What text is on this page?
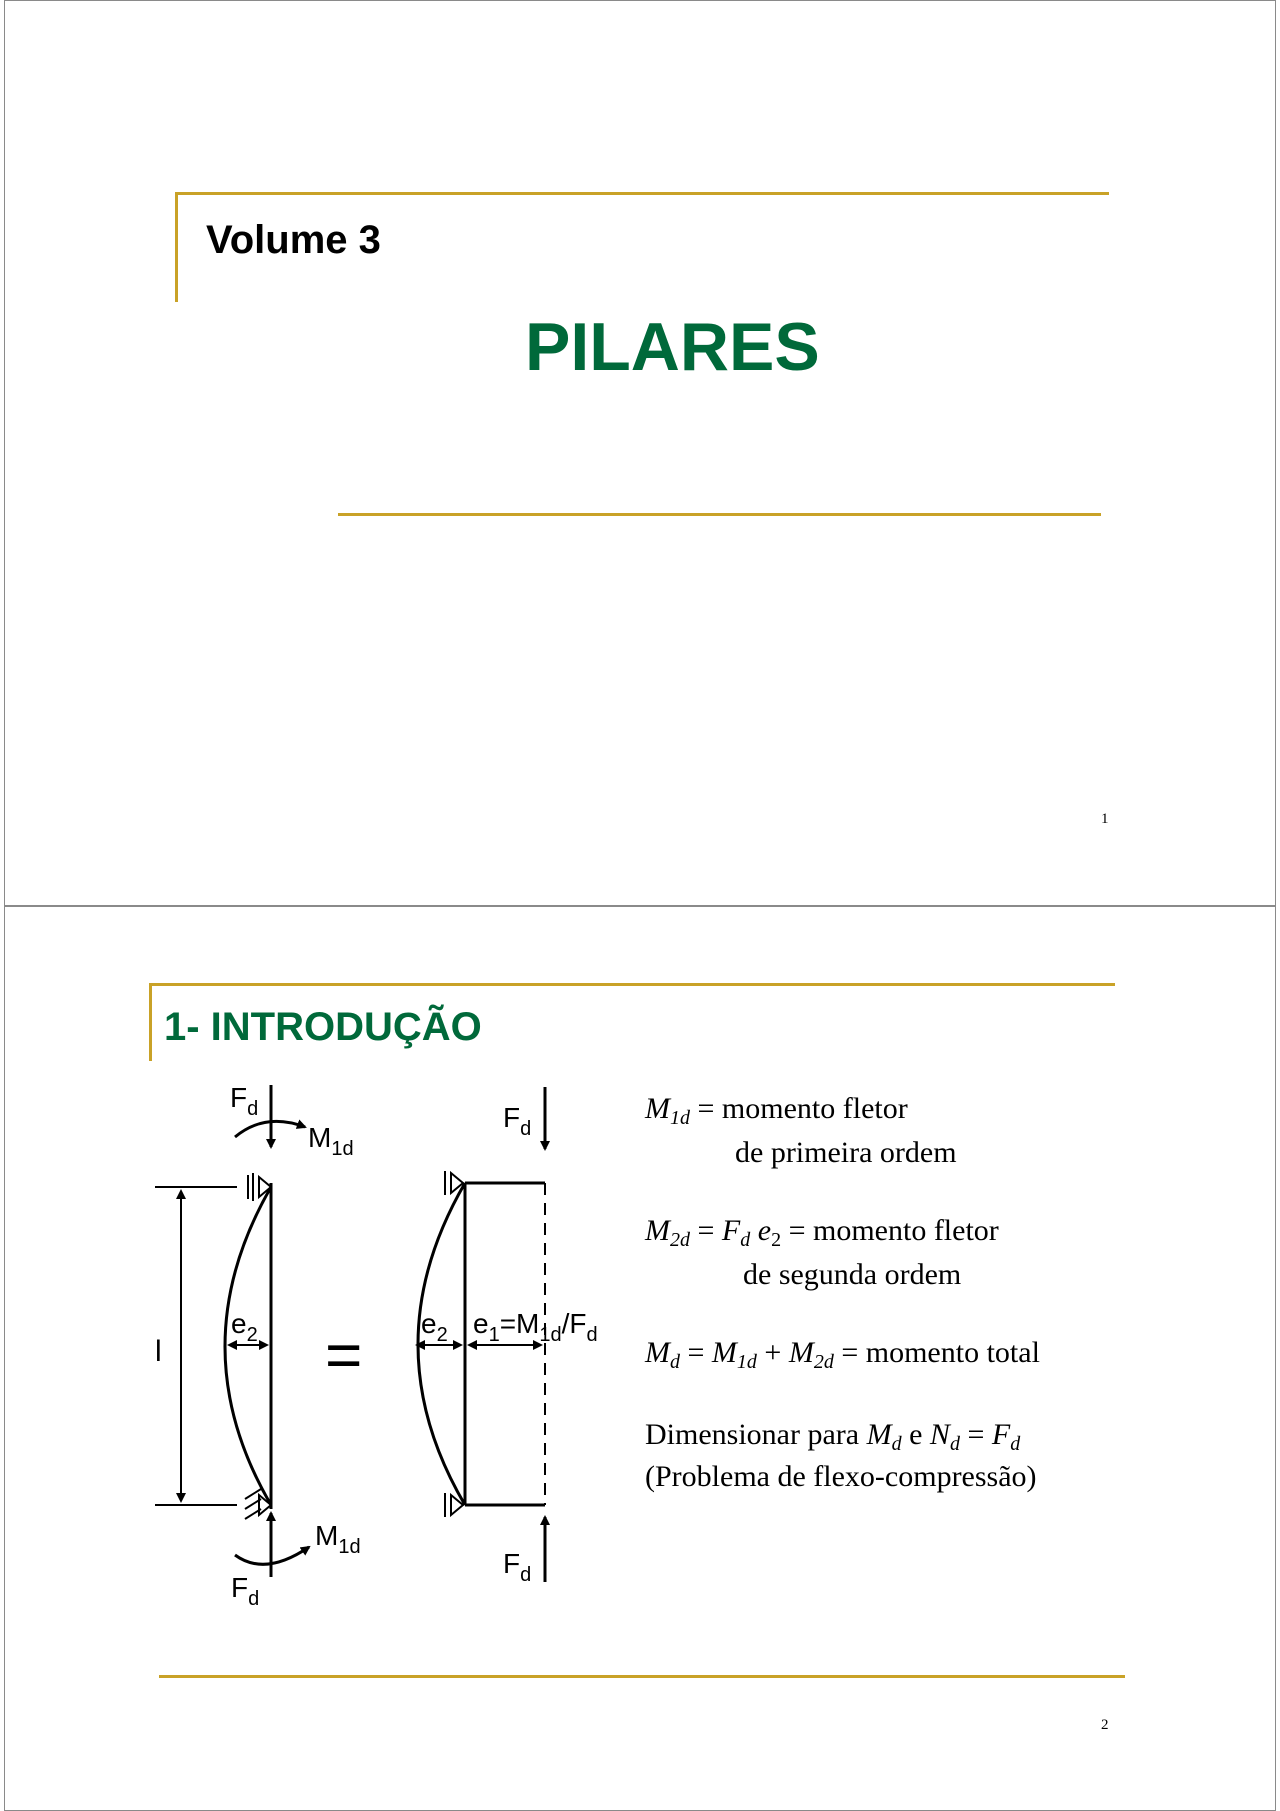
Volume 3
PILARES
1
1- INTRODUÇÃO
$F_d$
$M_{1d}$
l
$e_2$
$M_{1d}$
$F_d$
=
$F_d$
$e_2$ $e_1=M_{1d}/F_d$
$F_d$
$M_{1d}$ = momento fletor
de primeira ordem
$M_{2d} = F_d$ $e_2$ = momento fletor
de segunda ordem
$M_d = M_{1d} + M_{2d}$ = momento total
Dimensionar para $M_d$ e $N_d = F_d$
(Problema de flexo-compressão)
2
